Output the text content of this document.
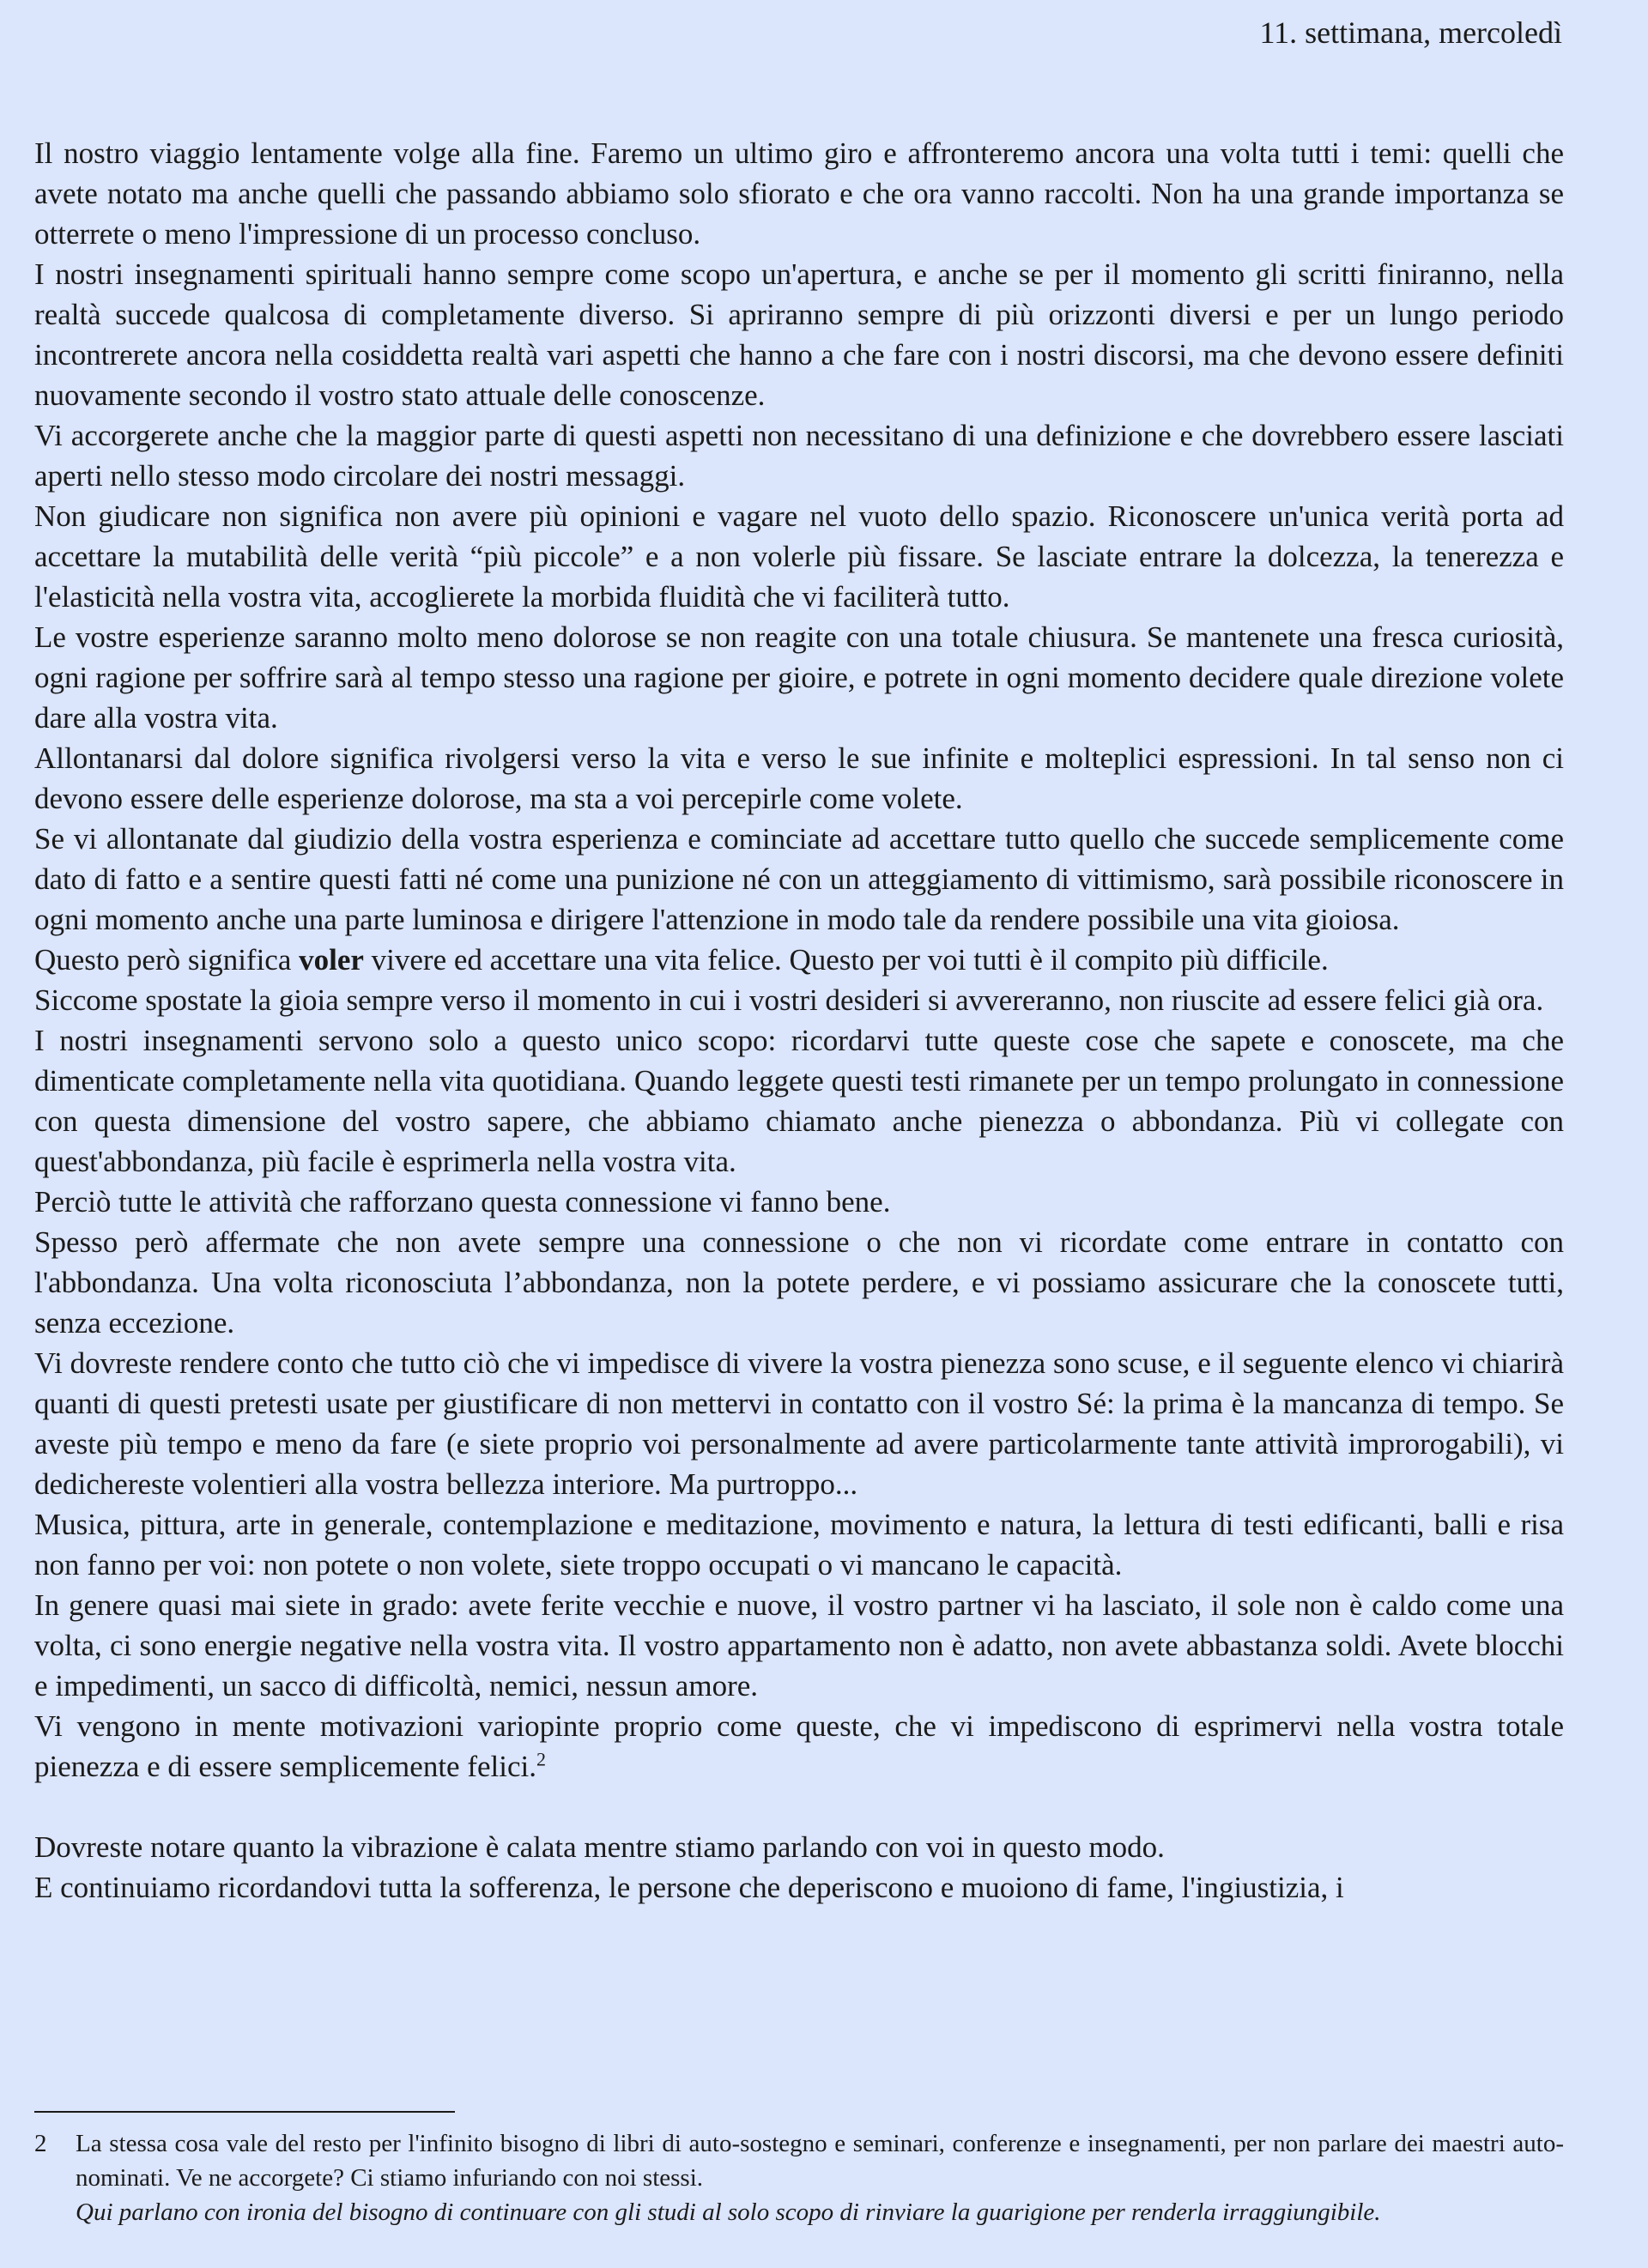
11. settimana, mercoledì

Il nostro viaggio lentamente volge alla fine. Faremo un ultimo giro e affronteremo ancora una volta tutti i temi: quelli che avete notato ma anche quelli che passando abbiamo solo sfiorato e che ora vanno raccolti. Non ha una grande importanza se otterrete o meno l'impressione di un processo concluso.

I nostri insegnamenti spirituali hanno sempre come scopo un'apertura, e anche se per il momento gli scritti finiranno, nella realtà succede qualcosa di completamente diverso. Si apriranno sempre di più orizzonti diversi e per un lungo periodo incontrerete ancora nella cosiddetta realtà vari aspetti che hanno a che fare con i nostri discorsi, ma che devono essere definiti nuovamente secondo il vostro stato attuale delle conoscenze.

Vi accorgerete anche che la maggior parte di questi aspetti non necessitano di una definizione e che dovrebbero essere lasciati aperti nello stesso modo circolare dei nostri messaggi.

Non giudicare non significa non avere più opinioni e vagare nel vuoto dello spazio. Riconoscere un'unica verità porta ad accettare la mutabilità delle verità “più piccole” e a non volerle più fissare. Se lasciate entrare la dolcezza, la tenerezza e l'elasticità nella vostra vita, accoglierete la morbida fluidità che vi faciliterà tutto.

Le vostre esperienze saranno molto meno dolorose se non reagite con una totale chiusura. Se mantenete una fresca curiosità, ogni ragione per soffrire sarà al tempo stesso una ragione per gioire, e potrete in ogni momento decidere quale direzione volete dare alla vostra vita.

Allontanarsi dal dolore significa rivolgersi verso la vita e verso le sue infinite e molteplici espressioni. In tal senso non ci devono essere delle esperienze dolorose, ma sta a voi percepirle come volete.

Se vi allontanate dal giudizio della vostra esperienza e cominciate ad accettare tutto quello che succede semplicemente come dato di fatto e a sentire questi fatti né come una punizione né con un atteggiamento di vittimismo, sarà possibile riconoscere in ogni momento anche una parte luminosa e dirigere l'attenzione in modo tale da rendere possibile una vita gioiosa.

Questo però significa voler vivere ed accettare una vita felice. Questo per voi tutti è il compito più difficile.

Siccome spostate la gioia sempre verso il momento in cui i vostri desideri si avvereranno, non riuscite ad essere felici già ora.

I nostri insegnamenti servono solo a questo unico scopo: ricordarvi tutte queste cose che sapete e conoscete, ma che dimenticate completamente nella vita quotidiana. Quando leggete questi testi rimanete per un tempo prolungato in connessione con questa dimensione del vostro sapere, che abbiamo chiamato anche pienezza o abbondanza. Più vi collegate con quest'abbondanza, più facile è esprimerla nella vostra vita.

Perciò tutte le attività che rafforzano questa connessione vi fanno bene.

Spesso però affermate che non avete sempre una connessione o che non vi ricordate come entrare in contatto con l'abbondanza. Una volta riconosciuta l’abbondanza, non la potete perdere, e vi possiamo assicurare che la conoscete tutti, senza eccezione.

Vi dovreste rendere conto che tutto ciò che vi impedisce di vivere la vostra pienezza sono scuse, e il seguente elenco vi chiarirà quanti di questi pretesti usate per giustificare di non mettervi in contatto con il vostro Sé: la prima è la mancanza di tempo. Se aveste più tempo e meno da fare (e siete proprio voi personalmente ad avere particolarmente tante attività improrogabili), vi dedichereste volentieri alla vostra bellezza interiore. Ma purtroppo...

Musica, pittura, arte in generale, contemplazione e meditazione, movimento e natura, la lettura di testi edificanti, balli e risa non fanno per voi: non potete o non volete, siete troppo occupati o vi mancano le capacità.

In genere quasi mai siete in grado: avete ferite vecchie e nuove, il vostro partner vi ha lasciato, il sole non è caldo come una volta, ci sono energie negative nella vostra vita. Il vostro appartamento non è adatto, non avete abbastanza soldi. Avete blocchi e impedimenti, un sacco di difficoltà, nemici, nessun amore.

Vi vengono in mente motivazioni variopinte proprio come queste, che vi impediscono di esprimervi nella vostra totale pienezza e di essere semplicemente felici.$^2$

Dovreste notare quanto la vibrazione è calata mentre stiamo parlando con voi in questo modo.

E continuiamo ricordandovi tutta la sofferenza, le persone che deperiscono e muoiono di fame, l'ingiustizia, i

2	La stessa cosa vale del resto per l'infinito bisogno di libri di auto-sostegno e seminari, conferenze e insegnamenti, per non parlare dei maestri auto-nominati. Ve ne accorgete? Ci stiamo infuriando con noi stessi.

Qui parlano con ironia del bisogno di continuare con gli studi al solo scopo di rinviare la guarigione per renderla irraggiungibile.
